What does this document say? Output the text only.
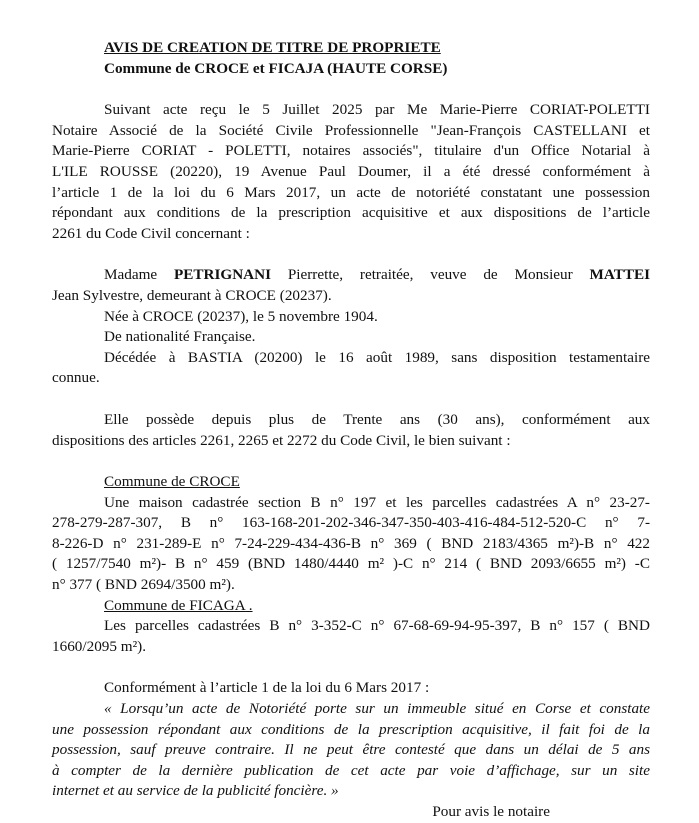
AVIS DE CREATION DE TITRE DE PROPRIETE
Commune de CROCE et FICAJA (HAUTE CORSE)

Suivant acte reçu le 5 Juillet 2025 par Me Marie-Pierre CORIAT-POLETTI

Notaire Associé de la Société Civile Professionnelle "Jean-François CASTELLANI et

Marie-Pierre CORIAT - POLETTI, notaires associés", titulaire d'un Office Notarial à

L'ILE ROUSSE (20220), 19 Avenue Paul Doumer, il a été dressé conformément à

l’article 1 de la loi du 6 Mars 2017, un acte de notoriété constatant une possession

répondant aux conditions de la prescription acquisitive et aux dispositions de l’article

2261 du Code Civil concernant :

Madame PETRIGNANI Pierrette, retraitée, veuve de Monsieur MATTEI

Jean Sylvestre, demeurant à CROCE (20237).

Née à CROCE (20237), le 5 novembre 1904.

De nationalité Française.

Décédée à BASTIA (20200) le 16 août 1989, sans disposition testamentaire

connue.

Elle possède depuis plus de Trente ans (30 ans), conformément aux

dispositions des articles 2261, 2265 et 2272 du Code Civil, le bien suivant :

Commune de CROCE

Une maison cadastrée section B n° 197 et les parcelles cadastrées A n° 23-27-

278-279-287-307, B n° 163-168-201-202-346-347-350-403-416-484-512-520-C n° 7-

8-226-D n° 231-289-E n° 7-24-229-434-436-B n° 369 ( BND 2183/4365 m²)-B n° 422

( 1257/7540 m²)- B n° 459 (BND 1480/4440 m² )-C n° 214 ( BND 2093/6655 m²) -C

n° 377 ( BND 2694/3500 m²).

Commune de FICAGA .

Les parcelles cadastrées B n° 3-352-C n° 67-68-69-94-95-397, B n° 157 ( BND

1660/2095 m²).

Conformément à l’article 1 de la loi du 6 Mars 2017 :

« Lorsqu’un acte de Notoriété porte sur un immeuble situé en Corse et constate

une possession répondant aux conditions de la prescription acquisitive, il fait foi de la

possession, sauf preuve contraire. Il ne peut être contesté que dans un délai de 5 ans

à compter de la dernière publication de cet acte par voie d’affichage, sur un site

internet et au service de la publicité foncière. »

Pour avis le notaire
